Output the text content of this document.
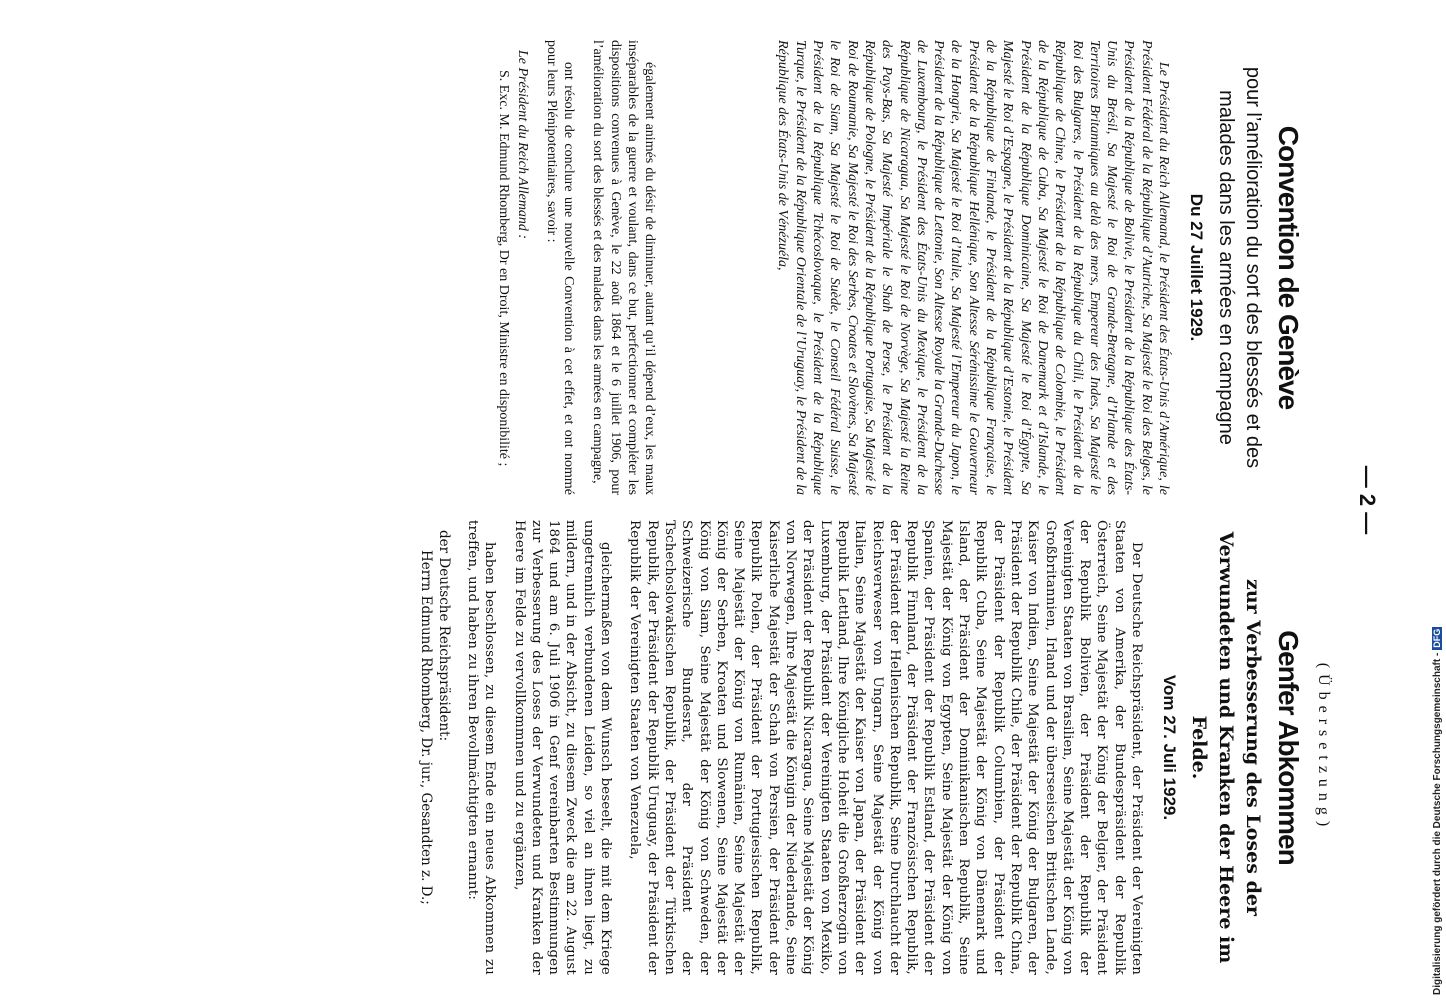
— 2 —
Convention de Genève
pour l’amélioration du sort des blessés et des malades dans les armées en campagne
Du 27 Juillet 1929.

Le Président du Reich Allemand, le Président des États-Unis d’Amérique, le Président Fédéral de la République d’Autriche, Sa Majesté le Roi des Belges, le Président de la République de Bolivie, le Président de la République des États-Unis du Brésil, Sa Majesté le Roi de Grande-Bretagne, d’Irlande et des Territoires Britanniques au delà des mers, Empereur des Indes, Sa Majesté le Roi des Bulgares, le Président de la République du Chili, le Président de la République de Chine, le Président de la République de Colombie, le Président de la République de Cuba, Sa Majesté le Roi de Danemark et d’Islande, le Président de la République Dominicaine, Sa Majesté le Roi d’Égypte, Sa Majesté le Roi d’Espagne, le Président de la République d’Estonie, le Président de la République de Finlande, le Président de la République Française, le Président de la République Hellénique, Son Altesse Sérénissime le Gouverneur de la Hongrie, Sa Majesté le Roi d’Italie, Sa Majesté l’Empereur du Japon, le Président de la République de Lettonie, Son Altesse Royale la Grande-Duchesse de Luxembourg, le Président des États-Unis du Mexique, le Président de la République de Nicaragua, Sa Majesté le Roi de Norvège, Sa Majesté la Reine des Pays-Bas, Sa Majesté Impériale le Shah de Perse, le Président de la République de Pologne, le Président de la République Portugaise, Sa Majesté le Roi de Roumanie, Sa Majesté le Roi des Serbes, Croates et Slovènes, Sa Majesté le Roi de Siam, Sa Majesté le Roi de Suède, le Conseil Fédéral Suisse, le Président de la République Tchécoslovaque, le Président de la République Turque, le Président de la République Orientale de l’Uruguay, le Président de la République des États-Unis de Vénézuéla,

également animés du désir de diminuer, autant qu’il dépend d’eux, les maux inséparables de la guerre et voulant, dans ce but, perfectionner et compléter les dispositions convenues à Genève, le 22 août 1864 et le 6 juillet 1906, pour l’amélioration du sort des blessés et des malades dans les armées en campagne,

ont résolu de conclure une nouvelle Convention à cet effet, et ont nommé pour leurs Plénipotentiaires, savoir :

Le Président du Reich Allemand :
S. Exc. M. Edmund Rhomberg, Dr en Droit, Ministre en disponibilité ;
(Übersetzung)
Genfer Abkommen
zur Verbesserung des Loses der Verwundeten und Kranken der Heere im Felde.
Vom 27. Juli 1929.

Der Deutsche Reichspräsident, der Präsident der Vereinigten Staaten von Amerika, der Bundespräsident der Republik Österreich, Seine Majestät der König der Belgier, der Präsident der Republik Bolivien, der Präsident der Republik der Vereinigten Staaten von Brasilien, Seine Majestät der König von Großbritannien, Irland und der überseeischen Britischen Lande, Kaiser von Indien, Seine Majestät der König der Bulgaren, der Präsident der Republik Chile, der Präsident der Republik China, der Präsident der Republik Columbien, der Präsident der Republik Cuba, Seine Majestät der König von Dänemark und Island, der Präsident der Dominikanischen Republik, Seine Majestät der König von Egypten, Seine Majestät der König von Spanien, der Präsident der Republik Estland, der Präsident der Republik Finnland, der Präsident der Französischen Republik, der Präsident der Hellenischen Republik, Seine Durchlaucht der Reichsverweser von Ungarn, Seine Majestät der König von Italien, Seine Majestät der Kaiser von Japan, der Präsident der Republik Lettland, Ihre Königliche Hoheit die Großherzogin von Luxemburg, der Präsident der Vereinigten Staaten von Mexiko, der Präsident der Republik Nicaragua, Seine Majestät der König von Norwegen, Ihre Majestät die Königin der Niederlande, Seine Kaiserliche Majestät der Schah von Persien, der Präsident der Republik Polen, der Präsident der Portugiesischen Republik, Seine Majestät der König von Rumänien, Seine Majestät der König der Serben, Kroaten und Slowenen, Seine Majestät der König von Siam, Seine Majestät der König von Schweden, der Schweizerische Bundesrat, der Präsident der Tschechoslowakischen Republik, der Präsident der Türkischen Republik, der Präsident der Republik Uruguay, der Präsident der Republik der Vereinigten Staaten von Venezuela,

gleichermaßen von dem Wunsch beseelt, die mit dem Kriege ungetrennlich verbundenen Leiden, so viel an ihnen liegt, zu mildern, und in der Absicht, zu diesem Zweck die am 22. August 1864 und am 6. Juli 1906 in Genf vereinbarten Bestimmungen zur Verbesserung des Loses der Verwundeten und Kranken der Heere im Felde zu vervollkommnen und zu ergänzen,

haben beschlossen, zu diesem Ende ein neues Abkommen zu treffen, und haben zu ihren Bevollmächtigten ernannt:

der Deutsche Reichspräsident:
Herrn Edmund Rhomberg, Dr. jur., Gesandten z. D.;	Digitalisierung gefördert durch die Deutsche Forschungsgemeinschaft -DFG
